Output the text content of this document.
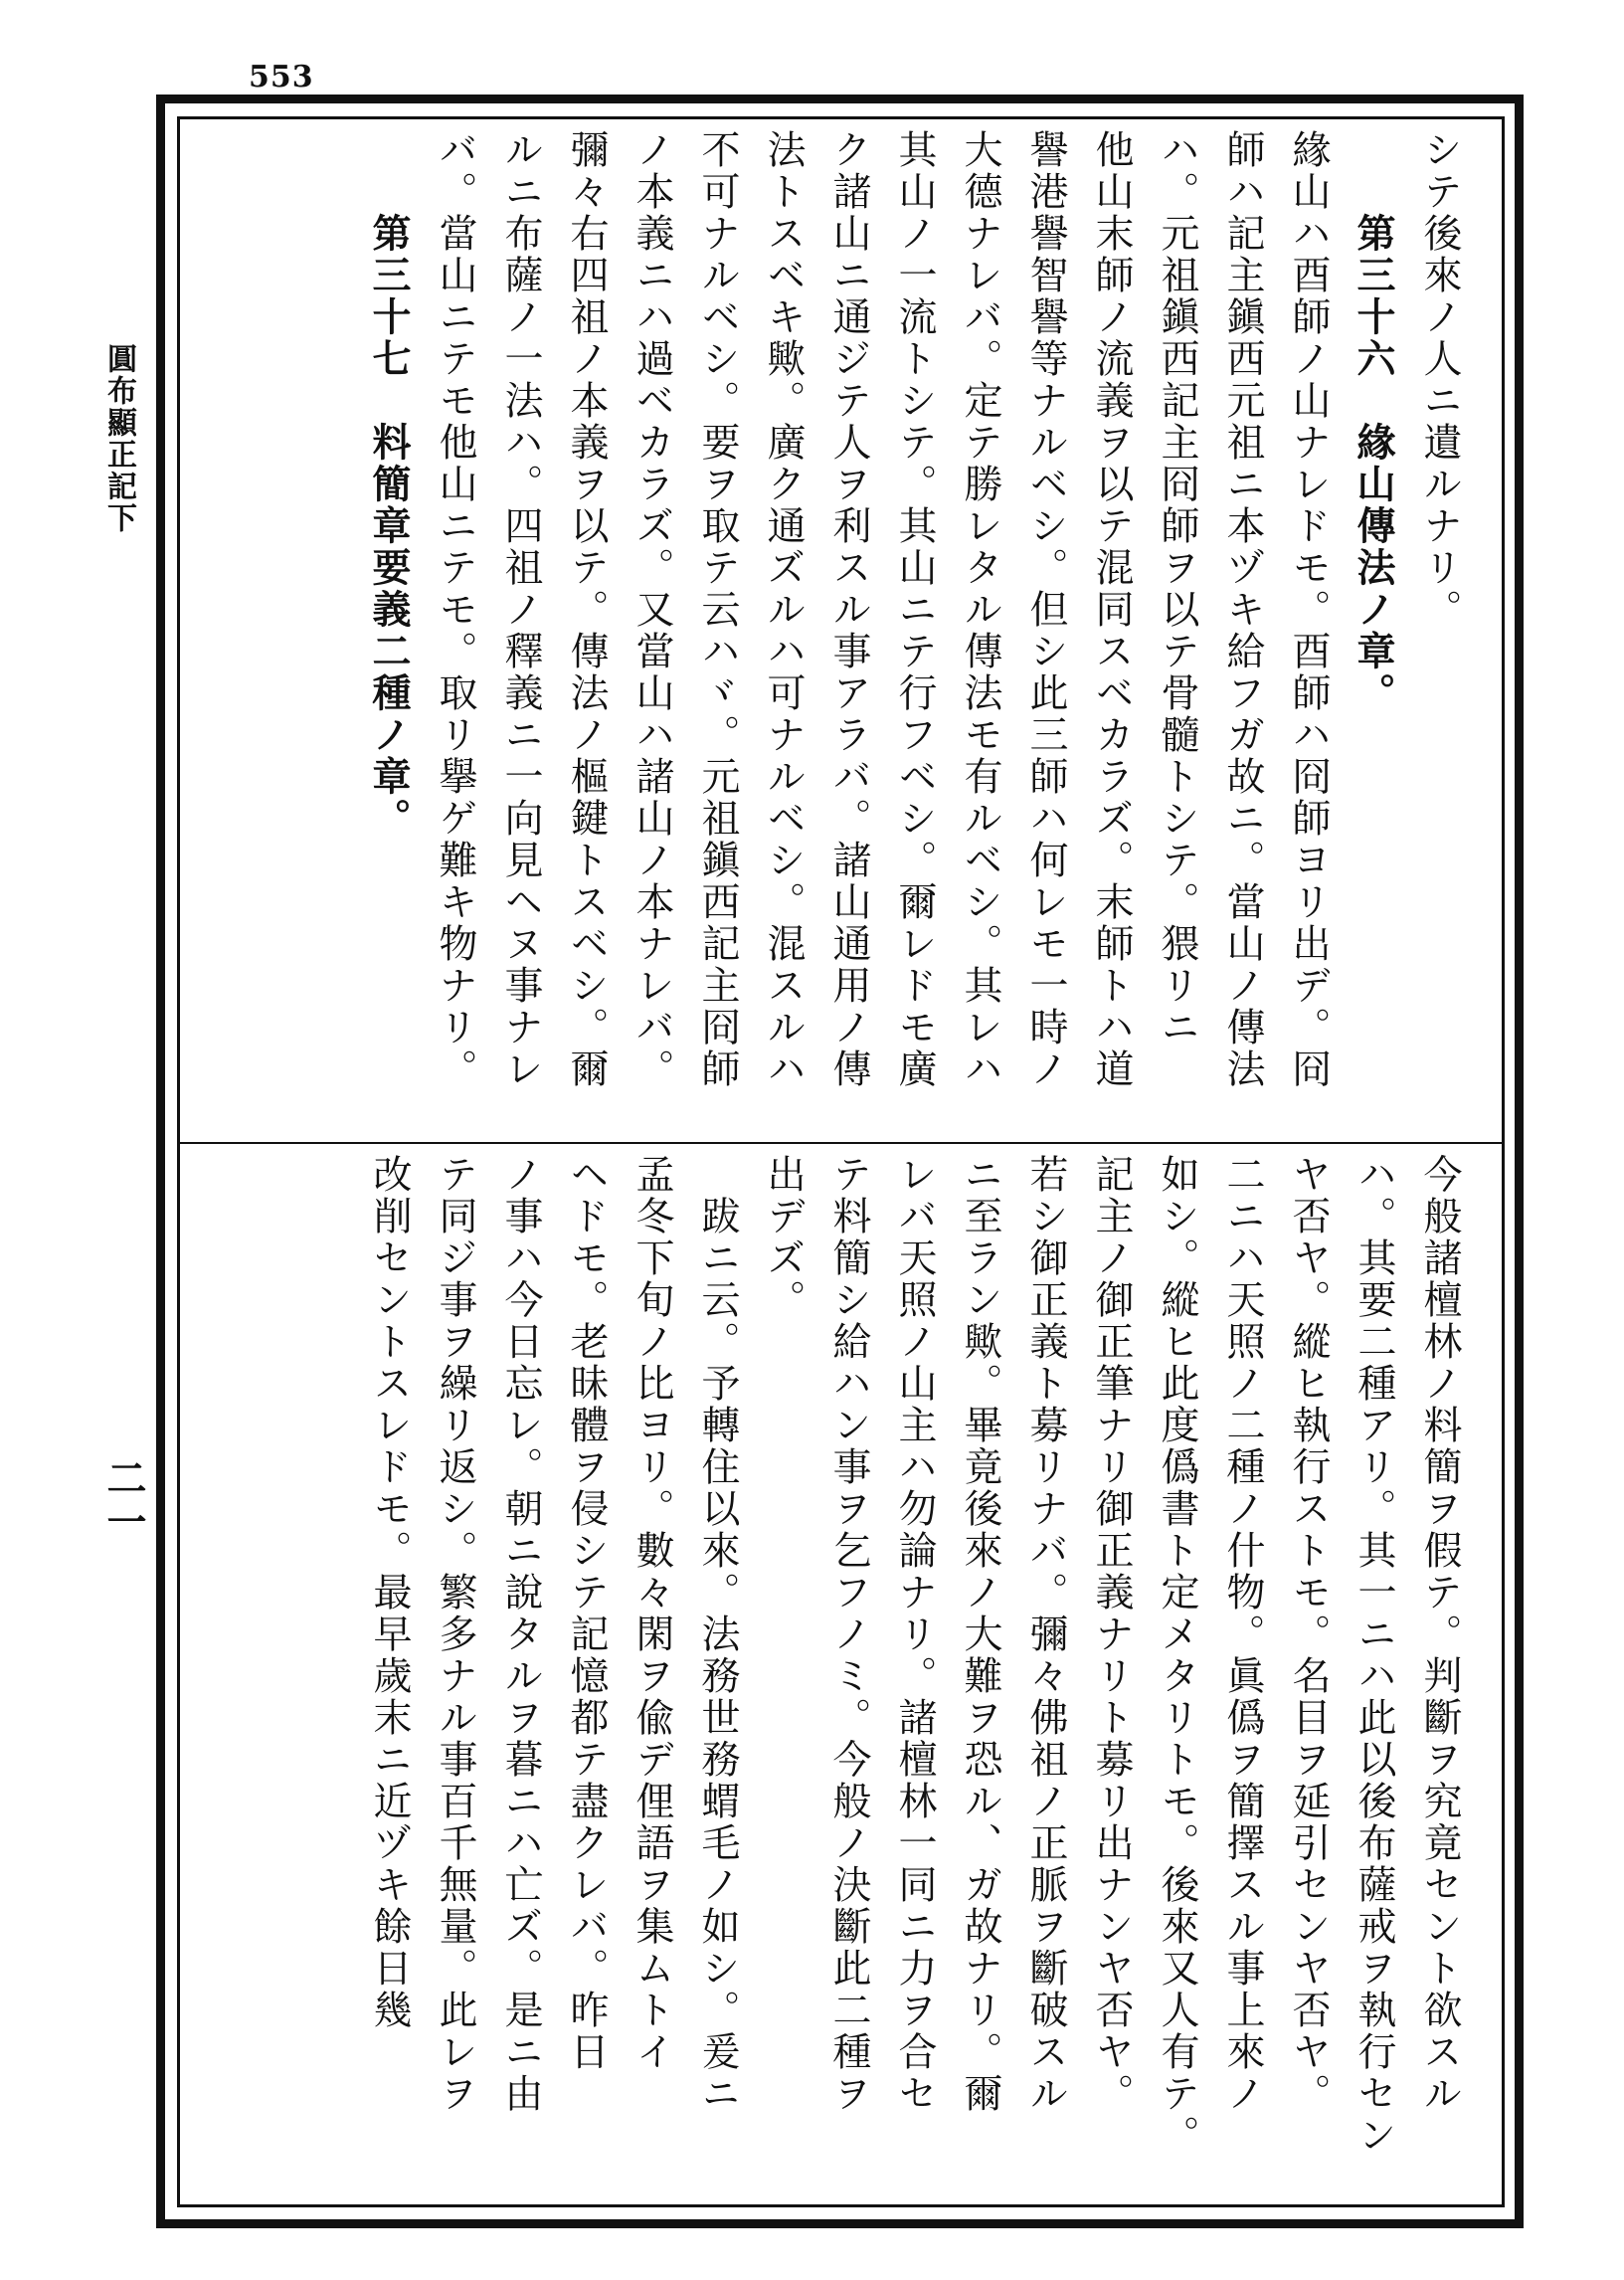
553
圓布顯正記下
二一

シテ後來ノ人ニ遺ルナリ。

第三十六　緣山傳法ノ章。

緣山ハ酉師ノ山ナレドモ。酉師ハ冏師ヨリ出デ。冏

師ハ記主鎭西元祖ニ本ヅキ給フガ故ニ。當山ノ傳法

ハ。元祖鎭西記主冏師ヲ以テ骨髓トシテ。猥リニ

他山末師ノ流義ヲ以テ混同スベカラズ。末師トハ道

譽港譽智譽等ナルベシ。但シ此三師ハ何レモ一時ノ

大德ナレバ。定テ勝レタル傳法モ有ルベシ。其レハ

其山ノ一流トシテ。其山ニテ行フベシ。爾レドモ廣

ク諸山ニ通ジテ人ヲ利スル事アラバ。諸山通用ノ傳

法トスベキ歟。廣ク通ズルハ可ナルベシ。混スルハ

不可ナルベシ。要ヲ取テ云ハヾ。元祖鎭西記主冏師

ノ本義ニハ過ベカラズ。又當山ハ諸山ノ本ナレバ。

彌々右四祖ノ本義ヲ以テ。傳法ノ樞鍵トスベシ。爾

ルニ布薩ノ一法ハ。四祖ノ釋義ニ一向見ヘヌ事ナレ

バ。當山ニテモ他山ニテモ。取リ擧ゲ難キ物ナリ。

第三十七　料簡章要義二種ノ章。

今般諸檀林ノ料簡ヲ假テ。判斷ヲ究竟セント欲スル

ハ。其要二種アリ。其一ニハ此以後布薩戒ヲ執行セン

ヤ否ヤ。縱ヒ執行ストモ。名目ヲ延引センヤ否ヤ。

二ニハ天照ノ二種ノ什物。眞僞ヲ簡擇スル事上來ノ

如シ。縱ヒ此度僞書ト定メタリトモ。後來又人有テ。

記主ノ御正筆ナリ御正義ナリト募リ出ナンヤ否ヤ。

若シ御正義ト募リナバ。彌々佛祖ノ正脈ヲ斷破スル

ニ至ラン歟。畢竟後來ノ大難ヲ恐ル、ガ故ナリ。爾

レバ天照ノ山主ハ勿論ナリ。諸檀林一同ニ力ヲ合セ

テ料簡シ給ハン事ヲ乞フノミ。今般ノ決斷此二種ヲ

出デズ。

跋ニ云。予轉住以來。法務世務蝟毛ノ如シ。爰ニ

孟冬下旬ノ比ヨリ。數々閑ヲ偸デ俚語ヲ集ムトイ

ヘドモ。老昧體ヲ侵シテ記憶都テ盡クレバ。昨日

ノ事ハ今日忘レ。朝ニ說タルヲ暮ニハ亡ズ。是ニ由

テ同ジ事ヲ繰リ返シ。繁多ナル事百千無量。此レヲ

改削セントスレドモ。最早歲末ニ近ヅキ餘日幾
